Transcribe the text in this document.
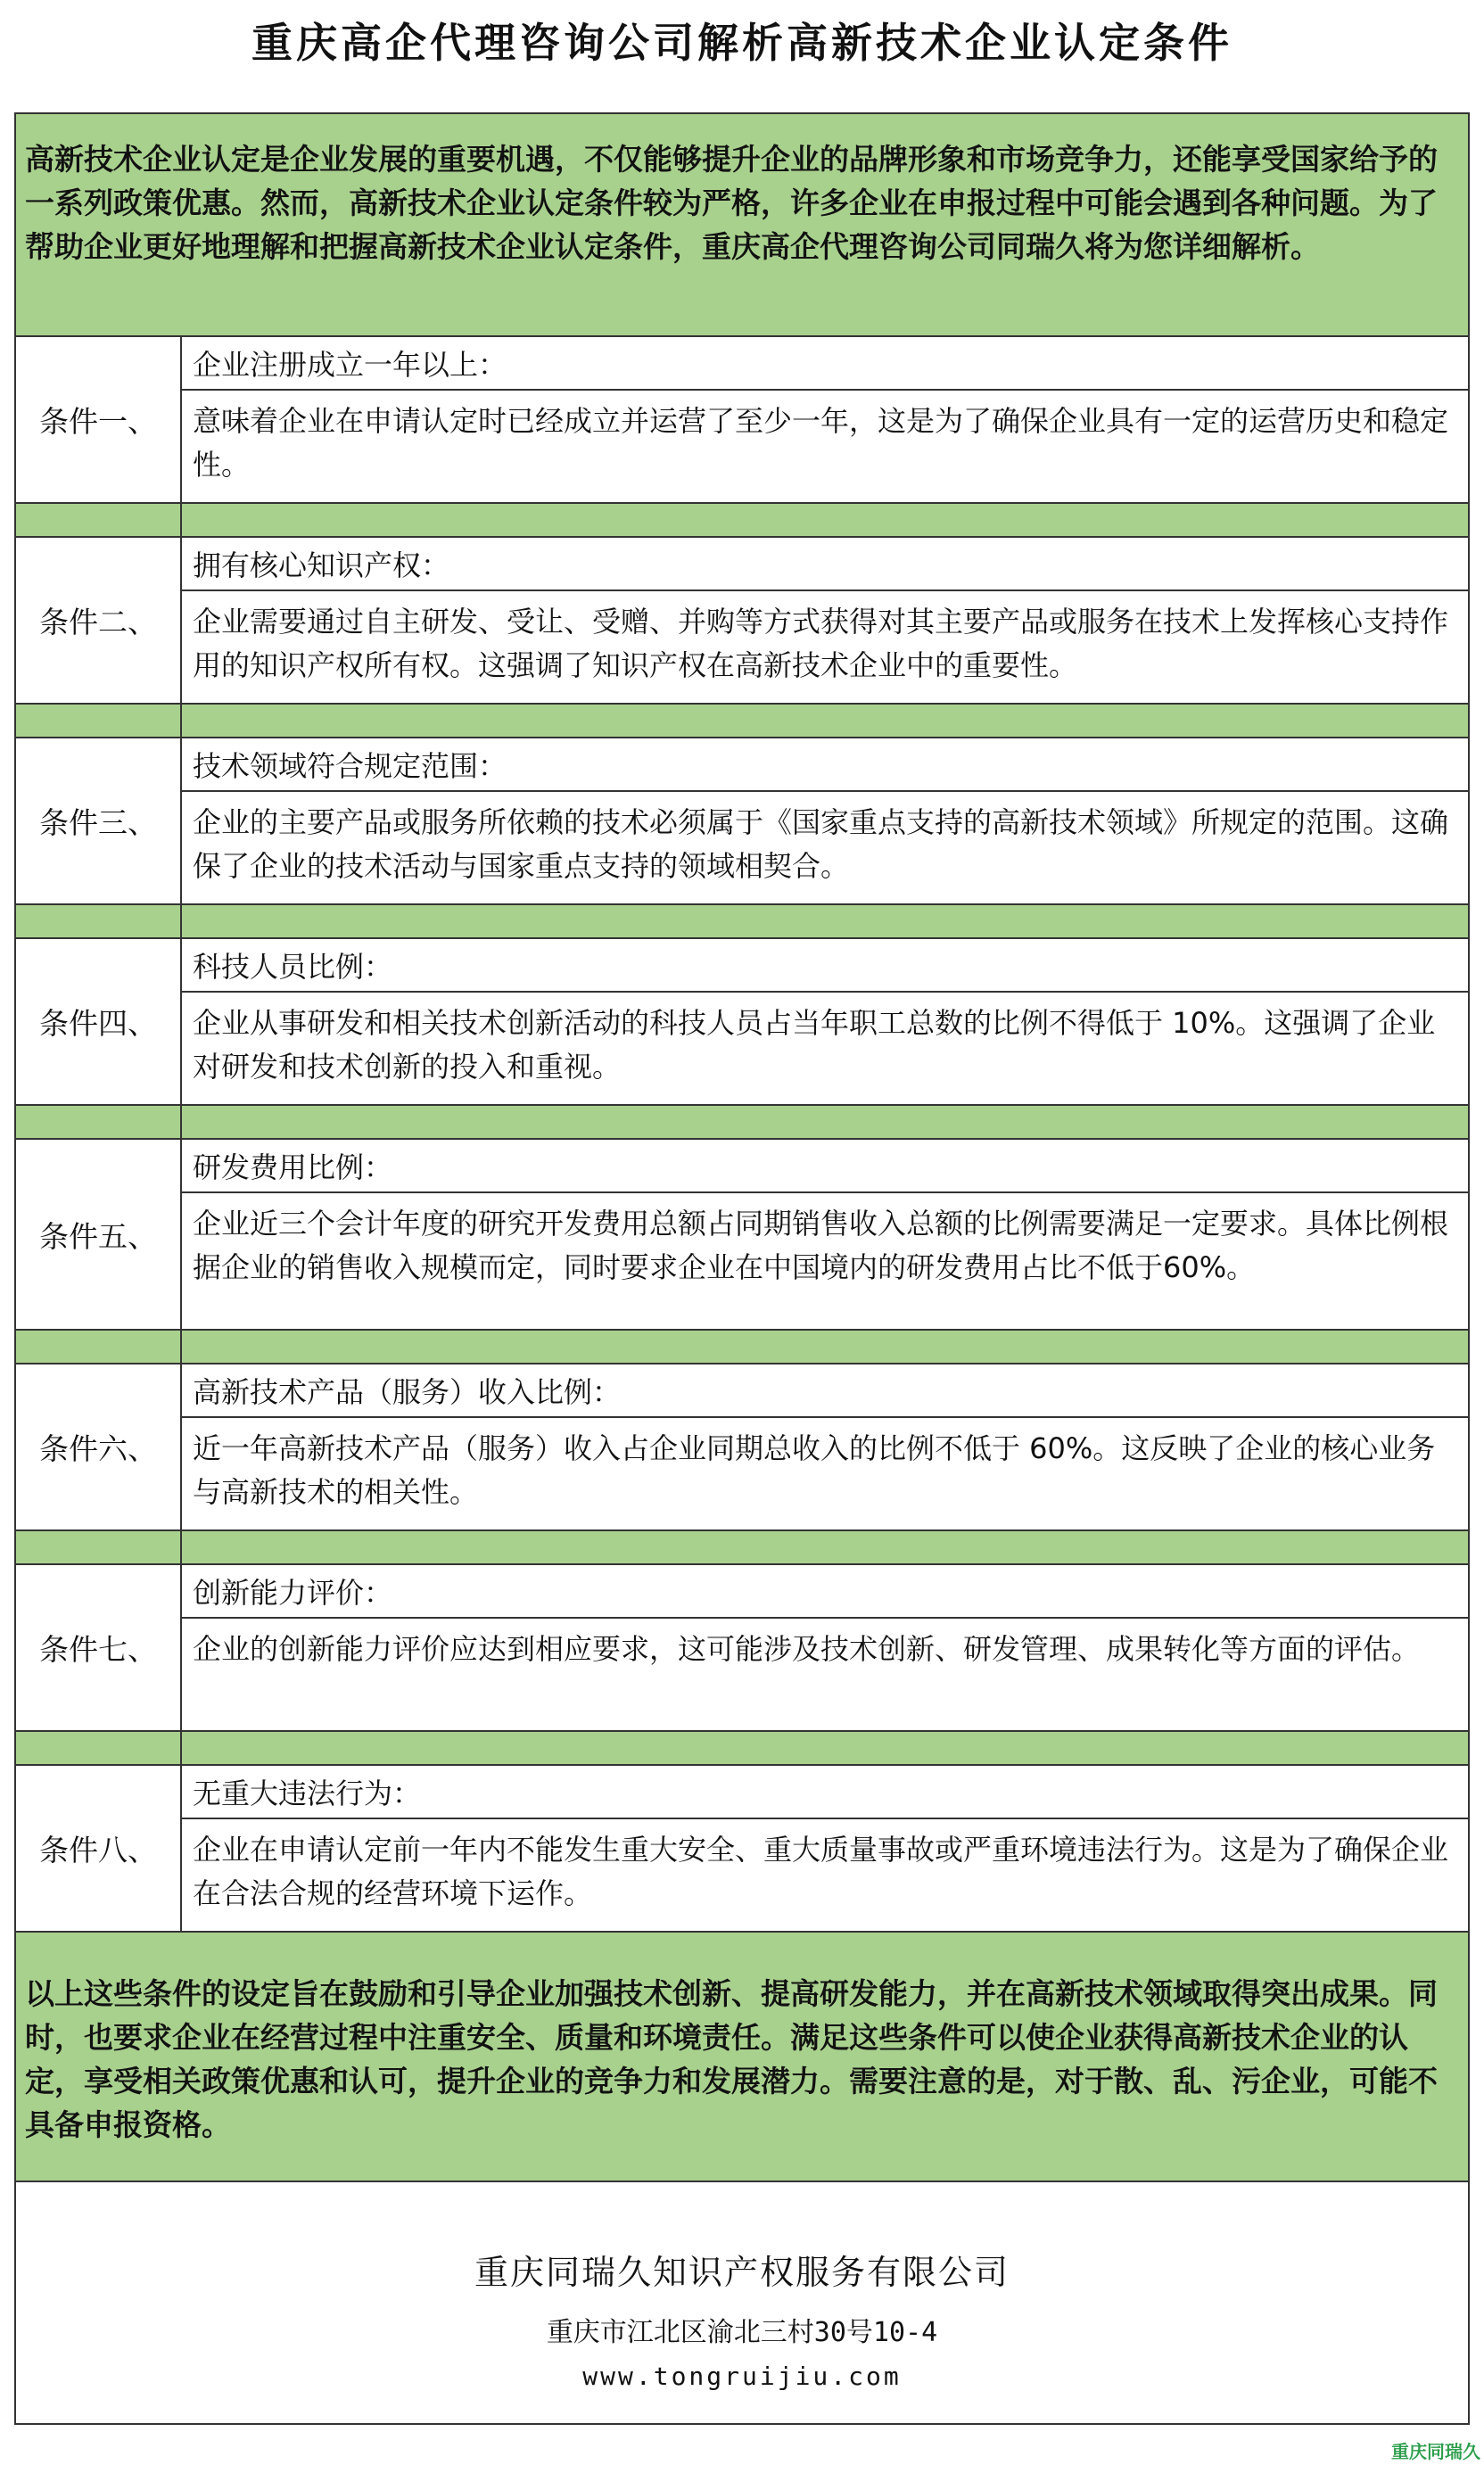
重庆高企代理咨询公司解析高新技术企业认定条件
高新技术企业认定是企业发展的重要机遇，不仅能够提升企业的品牌形象和市场竞争力，还能享受国家给予的一系列政策优惠。然而，高新技术企业认定条件较为严格，许多企业在申报过程中可能会遇到各种问题。为了帮助企业更好地理解和把握高新技术企业认定条件，重庆高企代理咨询公司同瑞久将为您详细解析。
条件一、
企业注册成立一年以上：
意味着企业在申请认定时已经成立并运营了至少一年，这是为了确保企业具有一定的运营历史和稳定性。
条件二、
拥有核心知识产权：
企业需要通过自主研发、受让、受赠、并购等方式获得对其主要产品或服务在技术上发挥核心支持作用的知识产权所有权。这强调了知识产权在高新技术企业中的重要性。
条件三、
技术领域符合规定范围：
企业的主要产品或服务所依赖的技术必须属于《国家重点支持的高新技术领域》所规定的范围。这确保了企业的技术活动与国家重点支持的领域相契合。
条件四、
科技人员比例：
企业从事研发和相关技术创新活动的科技人员占当年职工总数的比例不得低于 10%。这强调了企业对研发和技术创新的投入和重视。
条件五、
研发费用比例：
企业近三个会计年度的研究开发费用总额占同期销售收入总额的比例需要满足一定要求。具体比例根据企业的销售收入规模而定，同时要求企业在中国境内的研发费用占比不低于60%。
条件六、
高新技术产品（服务）收入比例：
近一年高新技术产品（服务）收入占企业同期总收入的比例不低于 60%。这反映了企业的核心业务与高新技术的相关性。
条件七、
创新能力评价：
企业的创新能力评价应达到相应要求，这可能涉及技术创新、研发管理、成果转化等方面的评估。
条件八、
无重大违法行为：
企业在申请认定前一年内不能发生重大安全、重大质量事故或严重环境违法行为。这是为了确保企业在合法合规的经营环境下运作。
以上这些条件的设定旨在鼓励和引导企业加强技术创新、提高研发能力，并在高新技术领域取得突出成果。同时，也要求企业在经营过程中注重安全、质量和环境责任。满足这些条件可以使企业获得高新技术企业的认定，享受相关政策优惠和认可，提升企业的竞争力和发展潜力。需要注意的是，对于散、乱、污企业，可能不具备申报资格。
重庆同瑞久知识产权服务有限公司
重庆市江北区渝北三村30号10-4
www.tongruijiu.com
重庆同瑞久
